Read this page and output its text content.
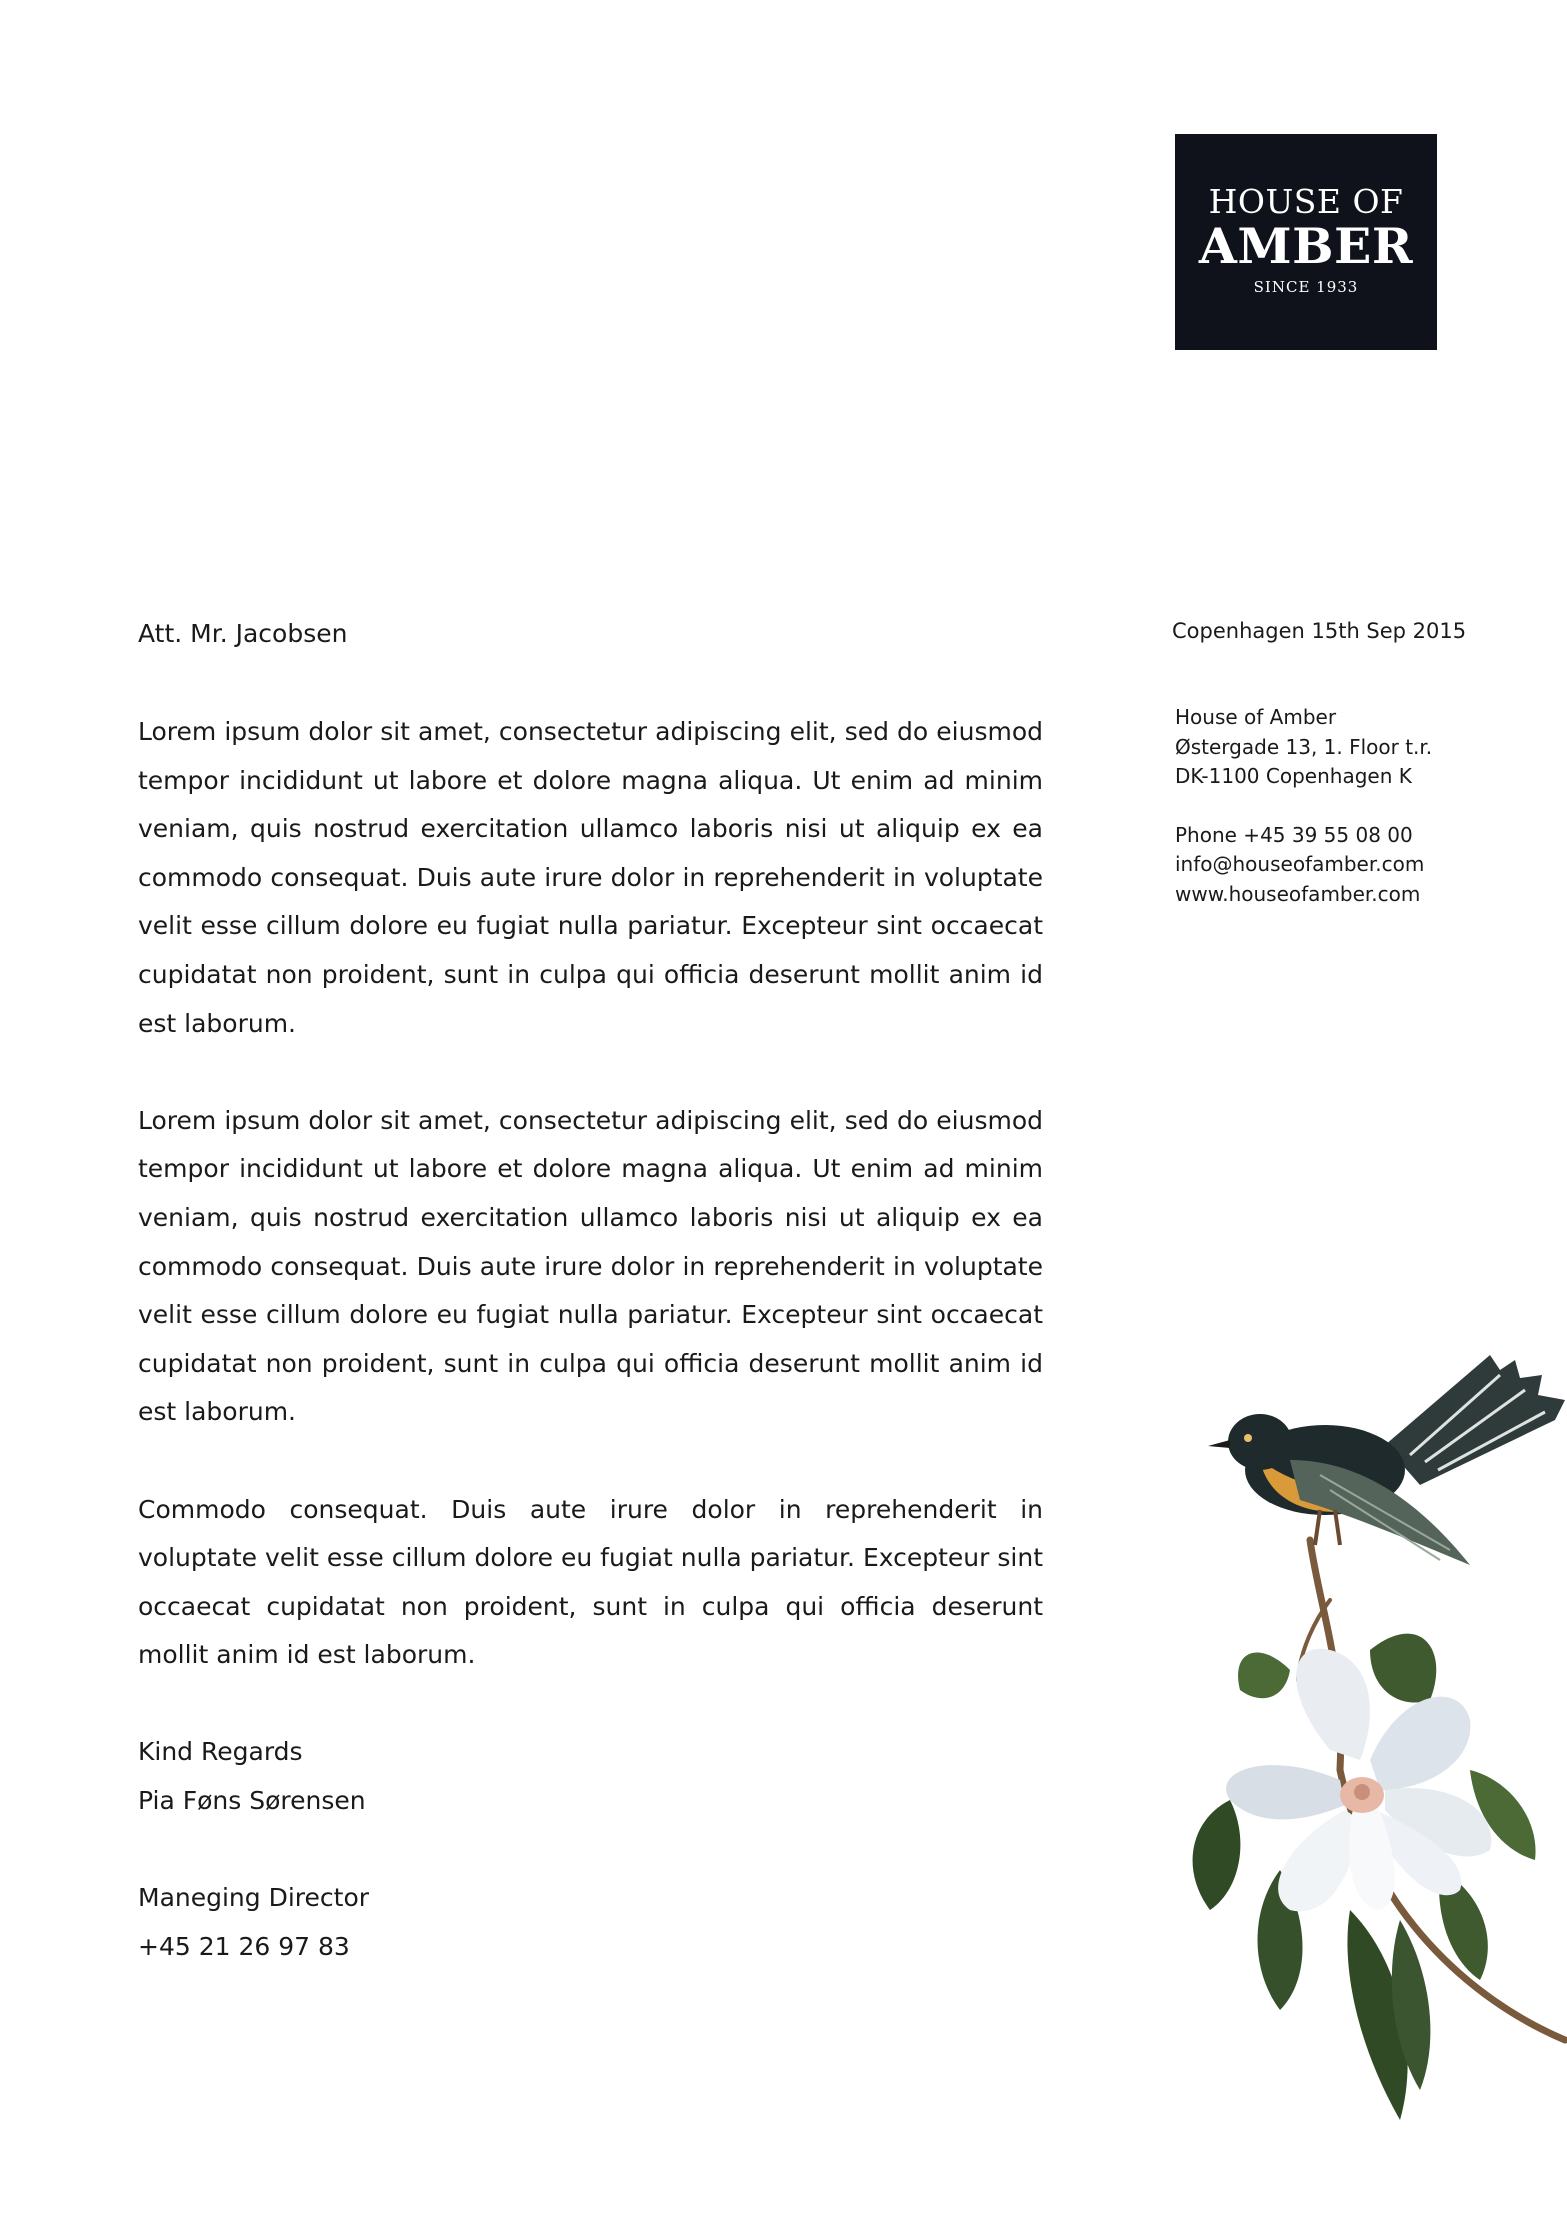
HOUSE OF
AMBER
SINCE 1933
Att. Mr. Jacobsen	Copenhagen 15th Sep 2015
House of Amber
Østergade 13, 1. Floor t.r.
DK-1100 Copenhagen K
Phone +45 39 55 08 00
info@houseofamber.com
www.houseofamber.com

Lorem ipsum dolor sit amet, consectetur adipiscing elit, sed do eiusmod tempor incididunt ut labore et dolore magna aliqua. Ut enim ad minim veniam, quis nostrud exercitation ullamco laboris nisi ut aliquip ex ea commodo consequat. Duis aute irure dolor in reprehenderit in voluptate velit esse cillum dolore eu fugiat nulla pariatur. Excepteur sint occaecat cupidatat non proident, sunt in culpa qui officia deserunt mollit anim id est laborum.

Lorem ipsum dolor sit amet, consectetur adipiscing elit, sed do eiusmod tempor incididunt ut labore et dolore magna aliqua. Ut enim ad minim veniam, quis nostrud exercitation ullamco laboris nisi ut aliquip ex ea commodo consequat. Duis aute irure dolor in reprehenderit in voluptate velit esse cillum dolore eu fugiat nulla pariatur. Excepteur sint occaecat cupidatat non proident, sunt in culpa qui officia deserunt mollit anim id est laborum.

Commodo consequat. Duis aute irure dolor in reprehenderit in voluptate velit esse cillum dolore eu fugiat nulla pariatur. Excepteur sint occaecat cupidatat non proident, sunt in culpa qui officia deserunt mollit anim id est laborum.

Kind Regards
Pia Føns Sørensen

Maneging Director
+45 21 26 97 83
